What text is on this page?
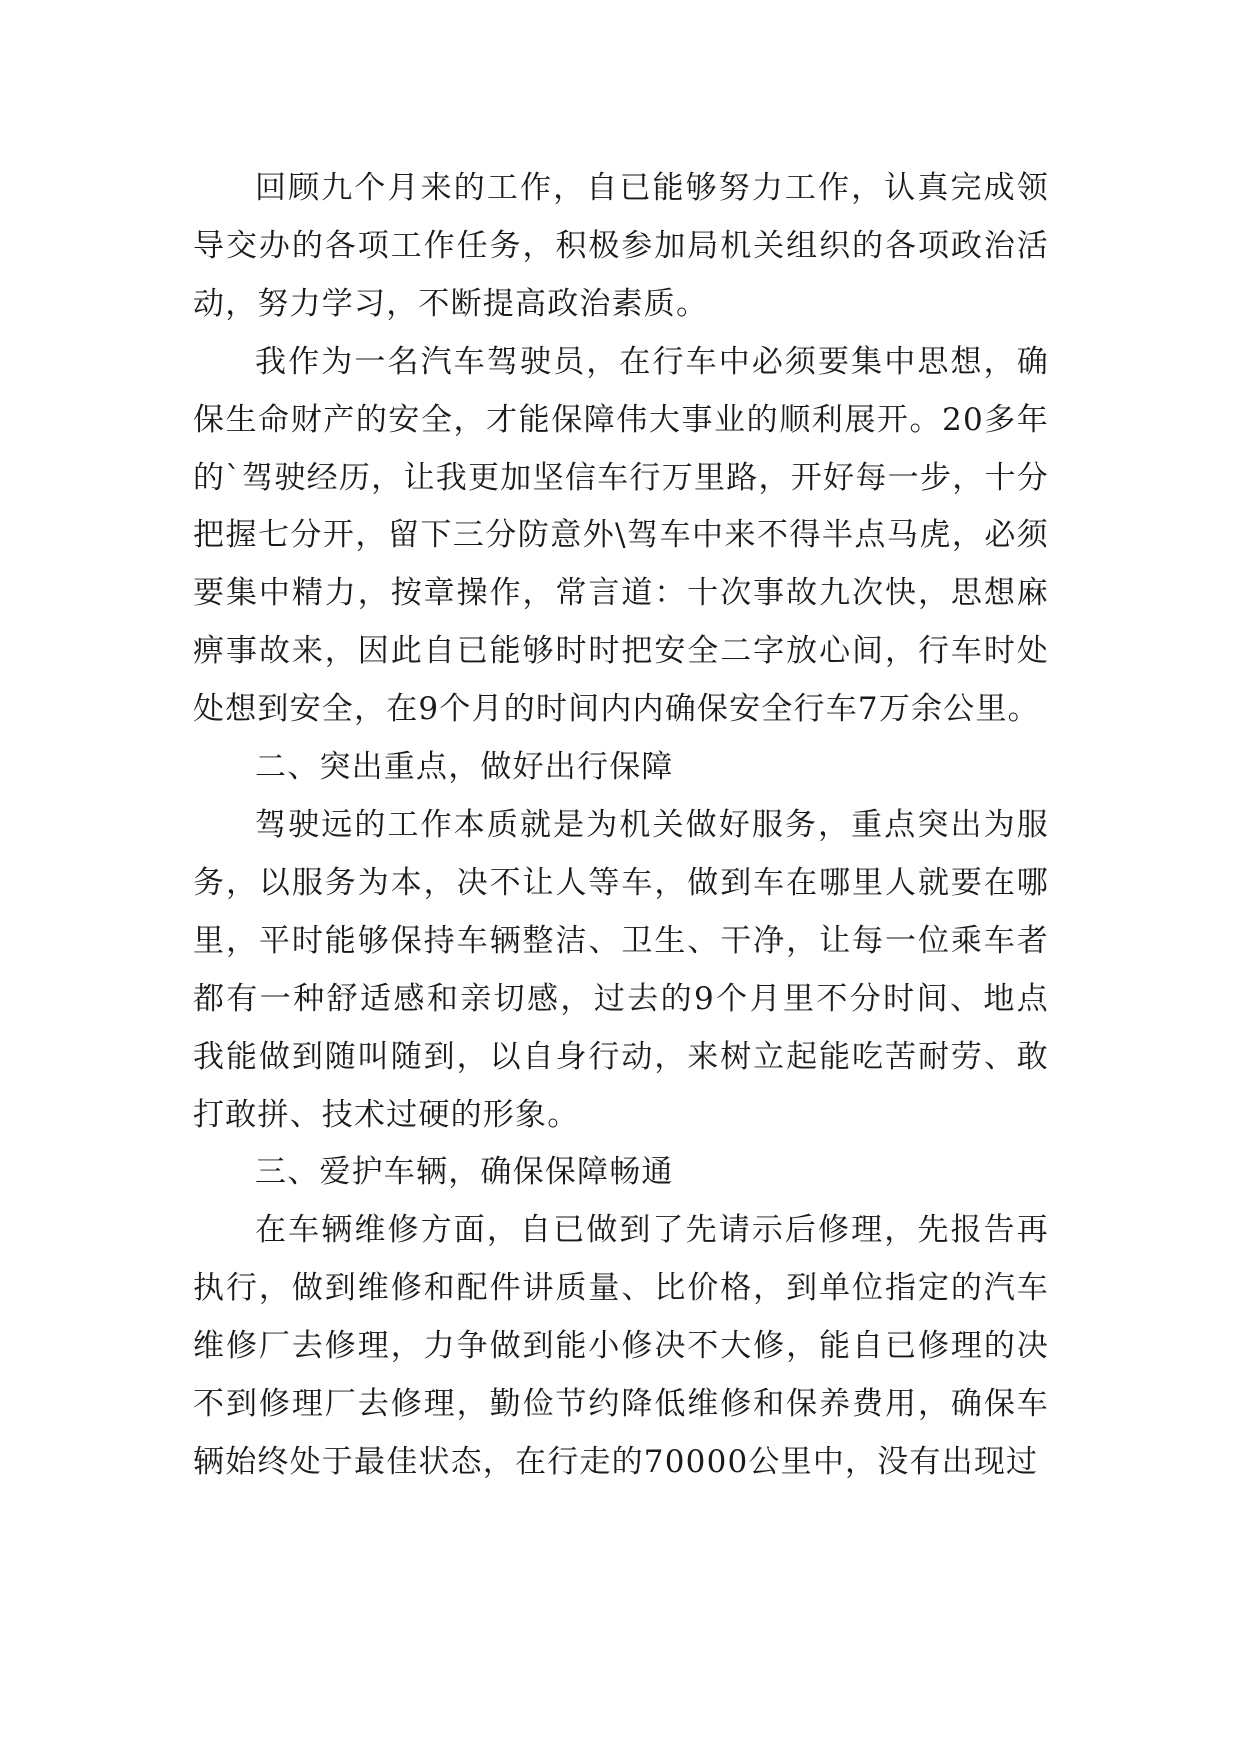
回顾九个月来的工作，自已能够努力工作，认真完成领导交办的各项工作任务，积极参加局机关组织的各项政治活动，努力学习，不断提高政治素质。

我作为一名汽车驾驶员，在行车中必须要集中思想，确保生命财产的安全，才能保障伟大事业的顺利展开。20多年的`驾驶经历，让我更加坚信车行万里路，开好每一步，十分把握七分开，留下三分防意外\驾车中来不得半点马虎，必须要集中精力，按章操作，常言道：十次事故九次快，思想麻痹事故来，因此自已能够时时把安全二字放心间，行车时处处想到安全，在9个月的时间内内确保安全行车7万余公里。

二、突出重点，做好出行保障

驾驶远的工作本质就是为机关做好服务，重点突出为服务，以服务为本，决不让人等车，做到车在哪里人就要在哪里，平时能够保持车辆整洁、卫生、干净，让每一位乘车者都有一种舒适感和亲切感，过去的9个月里不分时间、地点我能做到随叫随到，以自身行动，来树立起能吃苦耐劳、敢打敢拼、技术过硬的形象。

三、爱护车辆，确保保障畅通

在车辆维修方面，自已做到了先请示后修理，先报告再执行，做到维修和配件讲质量、比价格，到单位指定的汽车维修厂去修理，力争做到能小修决不大修，能自已修理的决不到修理厂去修理，勤俭节约降低维修和保养费用，确保车辆始终处于最佳状态，在行走的70000公里中，没有出现过
